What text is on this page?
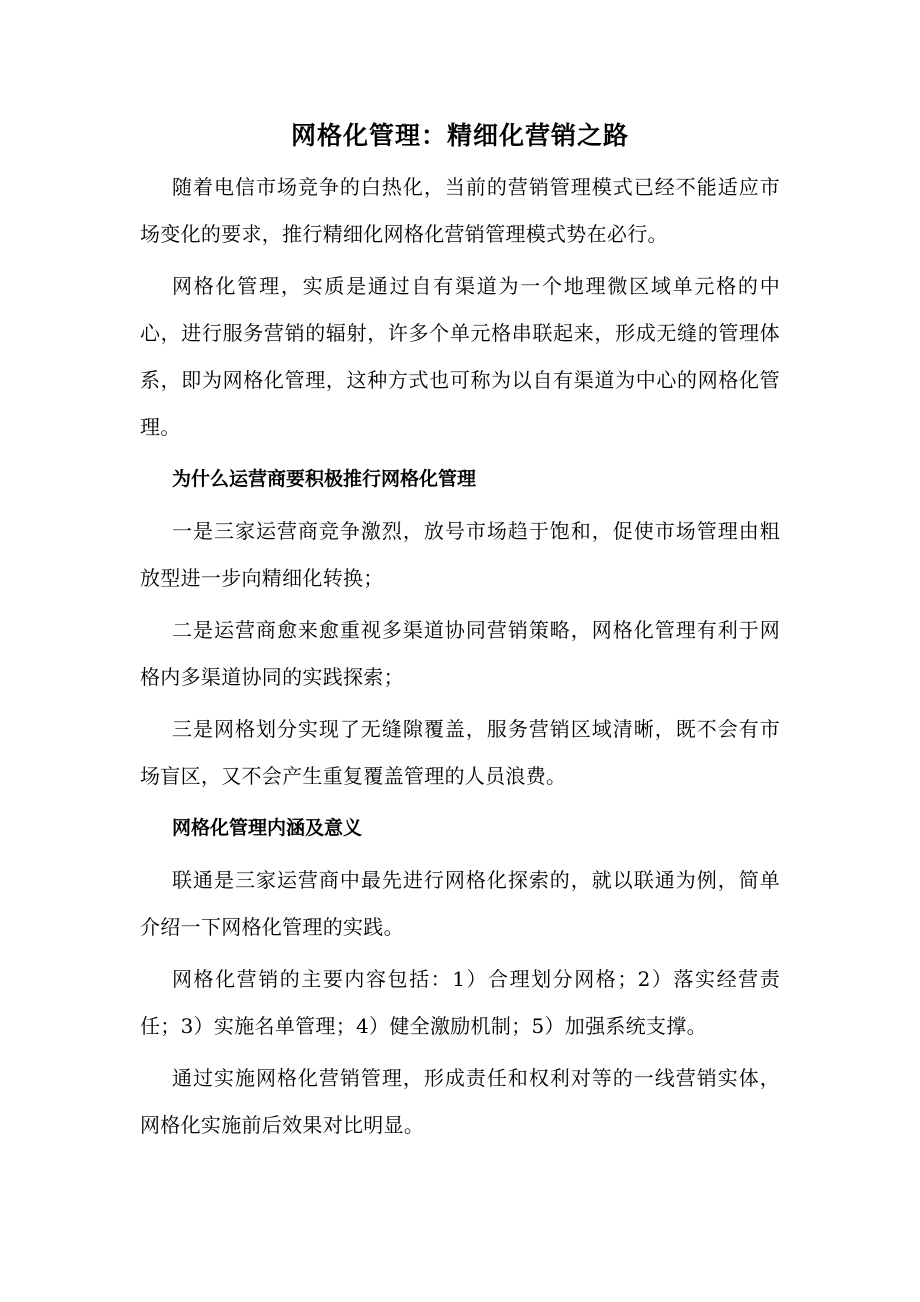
网格化管理：精细化营销之路

随着电信市场竞争的白热化，当前的营销管理模式已经不能适应市场变化的要求，推行精细化网格化营销管理模式势在必行。

网格化管理，实质是通过自有渠道为一个地理微区域单元格的中心，进行服务营销的辐射，许多个单元格串联起来，形成无缝的管理体系，即为网格化管理，这种方式也可称为以自有渠道为中心的网格化管理。

为什么运营商要积极推行网格化管理

一是三家运营商竞争激烈，放号市场趋于饱和，促使市场管理由粗放型进一步向精细化转换；

二是运营商愈来愈重视多渠道协同营销策略，网格化管理有利于网格内多渠道协同的实践探索；

三是网格划分实现了无缝隙覆盖，服务营销区域清晰，既不会有市场盲区，又不会产生重复覆盖管理的人员浪费。

网格化管理内涵及意义

联通是三家运营商中最先进行网格化探索的，就以联通为例，简单介绍一下网格化管理的实践。

网格化营销的主要内容包括：1）合理划分网格；2）落实经营责任；3）实施名单管理；4）健全激励机制；5）加强系统支撑。

通过实施网格化营销管理，形成责任和权利对等的一线营销实体，网格化实施前后效果对比明显。
